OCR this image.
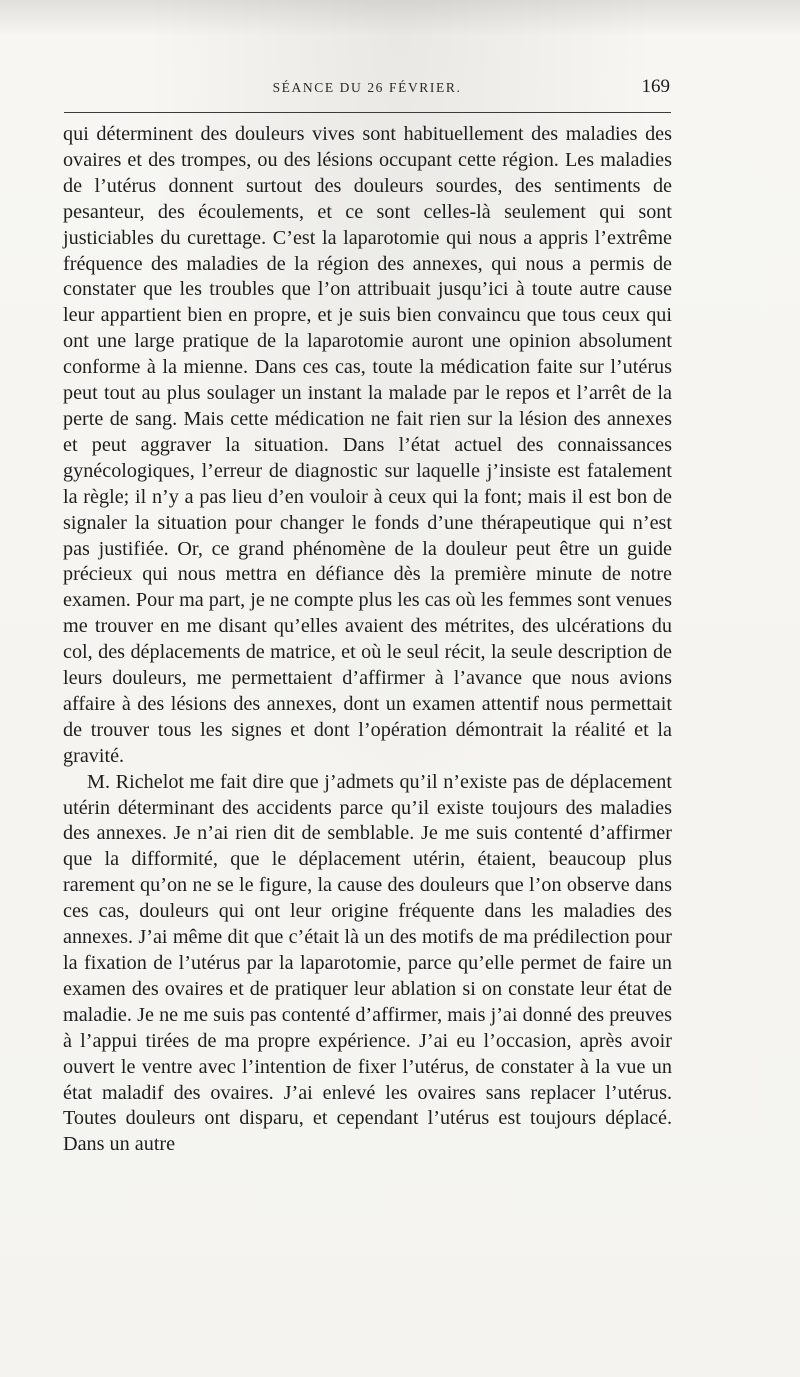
SÉANCE DU 26 FÉVRIER.	169

qui déterminent des douleurs vives sont habituellement des maladies des ovaires et des trompes, ou des lésions occupant cette région. Les maladies de l’utérus donnent surtout des douleurs sourdes, des sentiments de pesanteur, des écoulements, et ce sont celles-là seulement qui sont justiciables du curettage. C’est la laparotomie qui nous a appris l’extrême fréquence des maladies de la région des annexes, qui nous a permis de constater que les troubles que l’on attribuait jusqu’ici à toute autre cause leur appartient bien en propre, et je suis bien convaincu que tous ceux qui ont une large pratique de la laparotomie auront une opinion absolument conforme à la mienne. Dans ces cas, toute la médication faite sur l’utérus peut tout au plus soulager un instant la malade par le repos et l’arrêt de la perte de sang. Mais cette médication ne fait rien sur la lésion des annexes et peut aggraver la situation. Dans l’état actuel des connaissances gynécologiques, l’erreur de diagnostic sur laquelle j’insiste est fatalement la règle; il n’y a pas lieu d’en vouloir à ceux qui la font; mais il est bon de signaler la situation pour changer le fonds d’une thérapeutique qui n’est pas justifiée. Or, ce grand phénomène de la douleur peut être un guide précieux qui nous mettra en défiance dès la première minute de notre examen. Pour ma part, je ne compte plus les cas où les femmes sont venues me trouver en me disant qu’elles avaient des métrites, des ulcérations du col, des déplacements de matrice, et où le seul récit, la seule description de leurs douleurs, me permettaient d’affirmer à l’avance que nous avions affaire à des lésions des annexes, dont un examen attentif nous permettait de trouver tous les signes et dont l’opération démontrait la réalité et la gravité.

M. Richelot me fait dire que j’admets qu’il n’existe pas de déplacement utérin déterminant des accidents parce qu’il existe toujours des maladies des annexes. Je n’ai rien dit de semblable. Je me suis contenté d’affirmer que la difformité, que le déplacement utérin, étaient, beaucoup plus rarement qu’on ne se le figure, la cause des douleurs que l’on observe dans ces cas, douleurs qui ont leur origine fréquente dans les maladies des annexes. J’ai même dit que c’était là un des motifs de ma prédilection pour la fixation de l’utérus par la laparotomie, parce qu’elle permet de faire un examen des ovaires et de pratiquer leur ablation si on constate leur état de maladie. Je ne me suis pas contenté d’affirmer, mais j’ai donné des preuves à l’appui tirées de ma propre expérience. J’ai eu l’occasion, après avoir ouvert le ventre avec l’intention de fixer l’utérus, de constater à la vue un état maladif des ovaires. J’ai enlevé les ovaires sans replacer l’utérus. Toutes douleurs ont disparu, et cependant l’utérus est toujours déplacé. Dans un autre
